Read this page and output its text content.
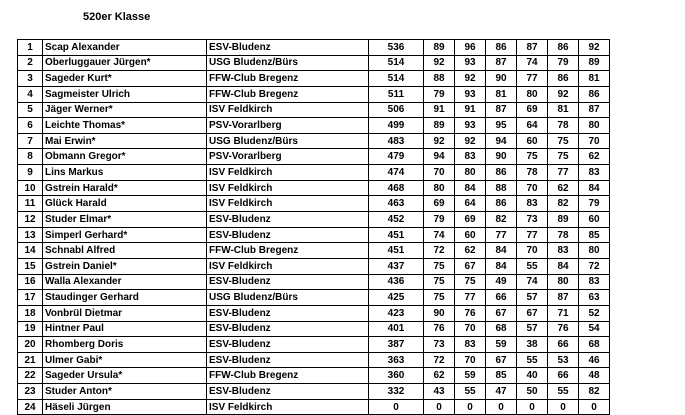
520er Klasse
1	Scap Alexander	ESV-Bludenz	536	89	96	86	87	86	92
2	Oberluggauer Jürgen*	USG Bludenz/Bürs	514	92	93	87	74	79	89
3	Sageder Kurt*	FFW-Club Bregenz	514	88	92	90	77	86	81
4	Sagmeister Ulrich	FFW-Club Bregenz	511	79	93	81	80	92	86
5	Jäger Werner*	ISV Feldkirch	506	91	91	87	69	81	87
6	Leichte Thomas*	PSV-Vorarlberg	499	89	93	95	64	78	80
7	Mai Erwin*	USG Bludenz/Bürs	483	92	92	94	60	75	70
8	Obmann Gregor*	PSV-Vorarlberg	479	94	83	90	75	75	62
9	Lins Markus	ISV Feldkirch	474	70	80	86	78	77	83
10	Gstrein Harald*	ISV Feldkirch	468	80	84	88	70	62	84
11	Glück Harald	ISV Feldkirch	463	69	64	86	83	82	79
12	Studer Elmar*	ESV-Bludenz	452	79	69	82	73	89	60
13	Simperl Gerhard*	ESV-Bludenz	451	74	60	77	77	78	85
14	Schnabl Alfred	FFW-Club Bregenz	451	72	62	84	70	83	80
15	Gstrein Daniel*	ISV Feldkirch	437	75	67	84	55	84	72
16	Walla Alexander	ESV-Bludenz	436	75	75	49	74	80	83
17	Staudinger Gerhard	USG Bludenz/Bürs	425	75	77	66	57	87	63
18	Vonbrül Dietmar	ESV-Bludenz	423	90	76	67	67	71	52
19	Hintner Paul	ESV-Bludenz	401	76	70	68	57	76	54
20	Rhomberg Doris	ESV-Bludenz	387	73	83	59	38	66	68
21	Ulmer Gabi*	ESV-Bludenz	363	72	70	67	55	53	46
22	Sageder Ursula*	FFW-Club Bregenz	360	62	59	85	40	66	48
23	Studer Anton*	ESV-Bludenz	332	43	55	47	50	55	82
24	Häseli Jürgen	ISV Feldkirch	0	0	0	0	0	0	0
